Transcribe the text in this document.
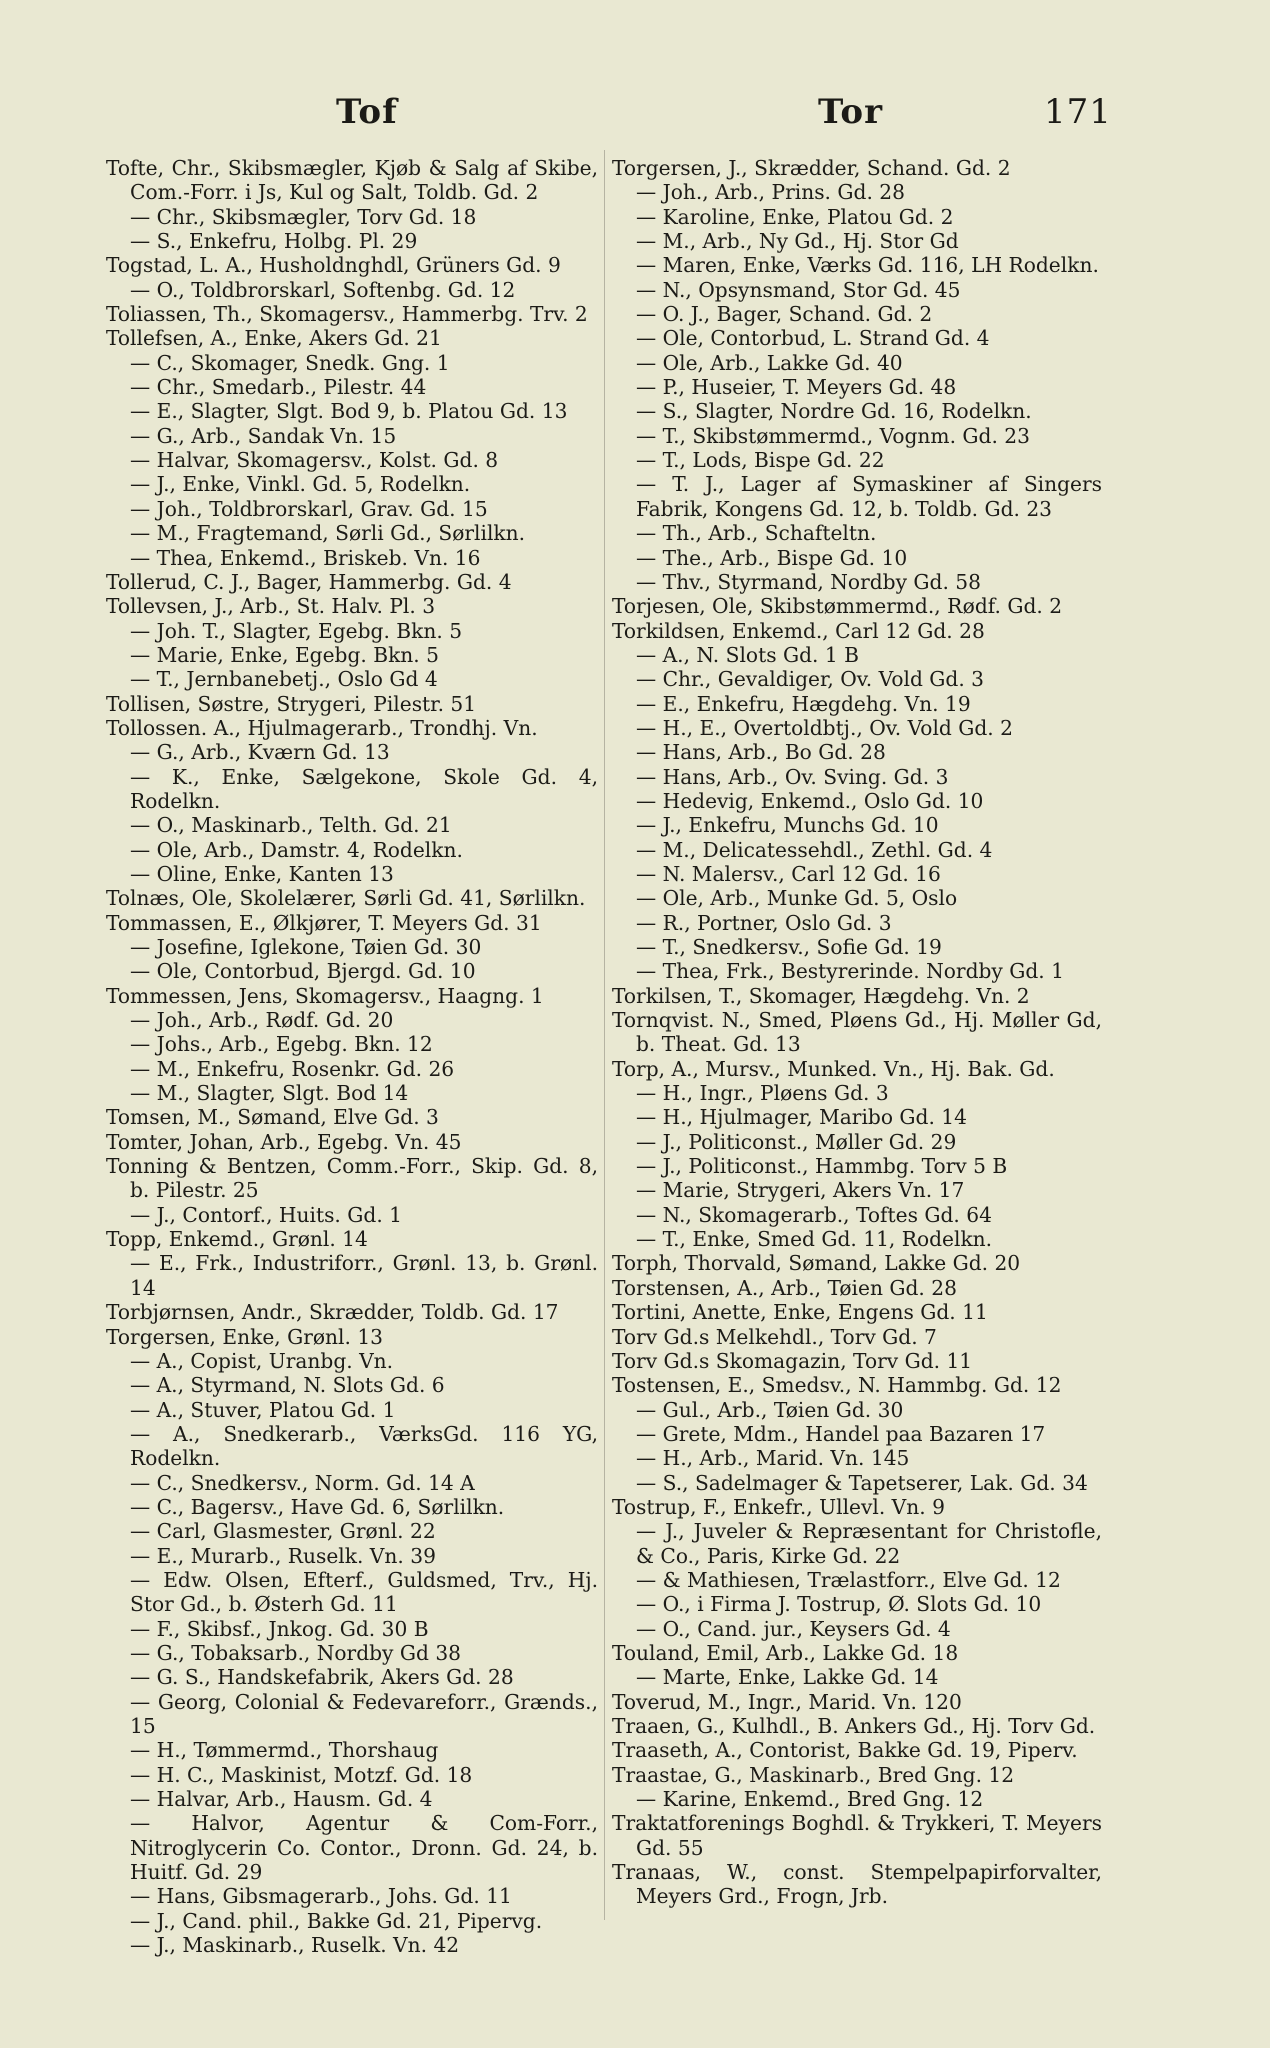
Tof	Tor	171
Tofte, Chr., Skibsmægler, Kjøb & Salg af Skibe, Com.-Forr. i Js, Kul og Salt, Toldb. Gd. 2
— Chr., Skibsmægler, Torv Gd. 18
— S., Enkefru, Holbg. Pl. 29
Togstad, L. A., Husholdnghdl, Grüners Gd. 9
— O., Toldbrorskarl, Softenbg. Gd. 12
Toliassen, Th., Skomagersv., Hammerbg. Trv. 2
Tollefsen, A., Enke, Akers Gd. 21
— C., Skomager, Snedk. Gng. 1
— Chr., Smedarb., Pilestr. 44
— E., Slagter, Slgt. Bod 9, b. Platou Gd. 13
— G., Arb., Sandak Vn. 15
— Halvar, Skomagersv., Kolst. Gd. 8
— J., Enke, Vinkl. Gd. 5, Rodelkn.
— Joh., Toldbrorskarl, Grav. Gd. 15
— M., Fragtemand, Sørli Gd., Sørlilkn.
— Thea, Enkemd., Briskeb. Vn. 16
Tollerud, C. J., Bager, Hammerbg. Gd. 4
Tollevsen, J., Arb., St. Halv. Pl. 3
— Joh. T., Slagter, Egebg. Bkn. 5
— Marie, Enke, Egebg. Bkn. 5
— T., Jernbanebetj., Oslo Gd 4
Tollisen, Søstre, Strygeri, Pilestr. 51
Tollossen. A., Hjulmagerarb., Trondhj. Vn.
— G., Arb., Kværn Gd. 13
— K., Enke, Sælgekone, Skole Gd. 4, Rodelkn.
— O., Maskinarb., Telth. Gd. 21
— Ole, Arb., Damstr. 4, Rodelkn.
— Oline, Enke, Kanten 13
Tolnæs, Ole, Skolelærer, Sørli Gd. 41, Sørlilkn.
Tommassen, E., Ølkjører, T. Meyers Gd. 31
— Josefine, Iglekone, Tøien Gd. 30
— Ole, Contorbud, Bjergd. Gd. 10
Tommessen, Jens, Skomagersv., Haagng. 1
— Joh., Arb., Rødf. Gd. 20
— Johs., Arb., Egebg. Bkn. 12
— M., Enkefru, Rosenkr. Gd. 26
— M., Slagter, Slgt. Bod 14
Tomsen, M., Sømand, Elve Gd. 3
Tomter, Johan, Arb., Egebg. Vn. 45
Tonning & Bentzen, Comm.-Forr., Skip. Gd. 8, b. Pilestr. 25
— J., Contorf., Huits. Gd. 1
Topp, Enkemd., Grønl. 14
— E., Frk., Industriforr., Grønl. 13, b. Grønl. 14
Torbjørnsen, Andr., Skrædder, Toldb. Gd. 17
Torgersen, Enke, Grønl. 13
— A., Copist, Uranbg. Vn.
— A., Styrmand, N. Slots Gd. 6
— A., Stuver, Platou Gd. 1
— A., Snedkerarb., VærksGd. 116 YG, Rodelkn.
— C., Snedkersv., Norm. Gd. 14 A
— C., Bagersv., Have Gd. 6, Sørlilkn.
— Carl, Glasmester, Grønl. 22
— E., Murarb., Ruselk. Vn. 39
— Edw. Olsen, Efterf., Guldsmed, Trv., Hj. Stor Gd., b. Østerh Gd. 11
— F., Skibsf., Jnkog. Gd. 30 B
— G., Tobaksarb., Nordby Gd 38
— G. S., Handskefabrik, Akers Gd. 28
— Georg, Colonial & Fedevareforr., Grænds., 15
— H., Tømmermd., Thorshaug
— H. C., Maskinist, Motzf. Gd. 18
— Halvar, Arb., Hausm. Gd. 4
— Halvor, Agentur & Com-Forr., Nitroglycerin Co. Contor., Dronn. Gd. 24, b. Huitf. Gd. 29
— Hans, Gibsmagerarb., Johs. Gd. 11
— J., Cand. phil., Bakke Gd. 21, Pipervg.
— J., Maskinarb., Ruselk. Vn. 42
Torgersen, J., Skrædder, Schand. Gd. 2
— Joh., Arb., Prins. Gd. 28
— Karoline, Enke, Platou Gd. 2
— M., Arb., Ny Gd., Hj. Stor Gd
— Maren, Enke, Værks Gd. 116, LH Rodelkn.
— N., Opsynsmand, Stor Gd. 45
— O. J., Bager, Schand. Gd. 2
— Ole, Contorbud, L. Strand Gd. 4
— Ole, Arb., Lakke Gd. 40
— P., Huseier, T. Meyers Gd. 48
— S., Slagter, Nordre Gd. 16, Rodelkn.
— T., Skibstømmermd., Vognm. Gd. 23
— T., Lods, Bispe Gd. 22
— T. J., Lager af Symaskiner af Singers Fabrik, Kongens Gd. 12, b. Toldb. Gd. 23
— Th., Arb., Schafteltn.
— The., Arb., Bispe Gd. 10
— Thv., Styrmand, Nordby Gd. 58
Torjesen, Ole, Skibstømmermd., Rødf. Gd. 2
Torkildsen, Enkemd., Carl 12 Gd. 28
— A., N. Slots Gd. 1 B
— Chr., Gevaldiger, Ov. Vold Gd. 3
— E., Enkefru, Hægdehg. Vn. 19
— H., E., Overtoldbtj., Ov. Vold Gd. 2
— Hans, Arb., Bo Gd. 28
— Hans, Arb., Ov. Sving. Gd. 3
— Hedevig, Enkemd., Oslo Gd. 10
— J., Enkefru, Munchs Gd. 10
— M., Delicatessehdl., Zethl. Gd. 4
— N. Malersv., Carl 12 Gd. 16
— Ole, Arb., Munke Gd. 5, Oslo
— R., Portner, Oslo Gd. 3
— T., Snedkersv., Sofie Gd. 19
— Thea, Frk., Bestyrerinde. Nordby Gd. 1
Torkilsen, T., Skomager, Hægdehg. Vn. 2
Tornqvist. N., Smed, Pløens Gd., Hj. Møller Gd, b. Theat. Gd. 13
Torp, A., Mursv., Munked. Vn., Hj. Bak. Gd.
— H., Ingr., Pløens Gd. 3
— H., Hjulmager, Maribo Gd. 14
— J., Politiconst., Møller Gd. 29
— J., Politiconst., Hammbg. Torv 5 B
— Marie, Strygeri, Akers Vn. 17
— N., Skomagerarb., Toftes Gd. 64
— T., Enke, Smed Gd. 11, Rodelkn.
Torph, Thorvald, Sømand, Lakke Gd. 20
Torstensen, A., Arb., Tøien Gd. 28
Tortini, Anette, Enke, Engens Gd. 11
Torv Gd.s Melkehdl., Torv Gd. 7
Torv Gd.s Skomagazin, Torv Gd. 11
Tostensen, E., Smedsv., N. Hammbg. Gd. 12
— Gul., Arb., Tøien Gd. 30
— Grete, Mdm., Handel paa Bazaren 17
— H., Arb., Marid. Vn. 145
— S., Sadelmager & Tapetserer, Lak. Gd. 34
Tostrup, F., Enkefr., Ullevl. Vn. 9
— J., Juveler & Repræsentant for Christofle, & Co., Paris, Kirke Gd. 22
— & Mathiesen, Trælastforr., Elve Gd. 12
— O., i Firma J. Tostrup, Ø. Slots Gd. 10
— O., Cand. jur., Keysers Gd. 4
Touland, Emil, Arb., Lakke Gd. 18
— Marte, Enke, Lakke Gd. 14
Toverud, M., Ingr., Marid. Vn. 120
Traaen, G., Kulhdl., B. Ankers Gd., Hj. Torv Gd.
Traaseth, A., Contorist, Bakke Gd. 19, Piperv.
Traastae, G., Maskinarb., Bred Gng. 12
— Karine, Enkemd., Bred Gng. 12
Traktatforenings Boghdl. & Trykkeri, T. Meyers Gd. 55
Tranaas, W., const. Stempelpapirforvalter, Meyers Grd., Frogn, Jrb.
